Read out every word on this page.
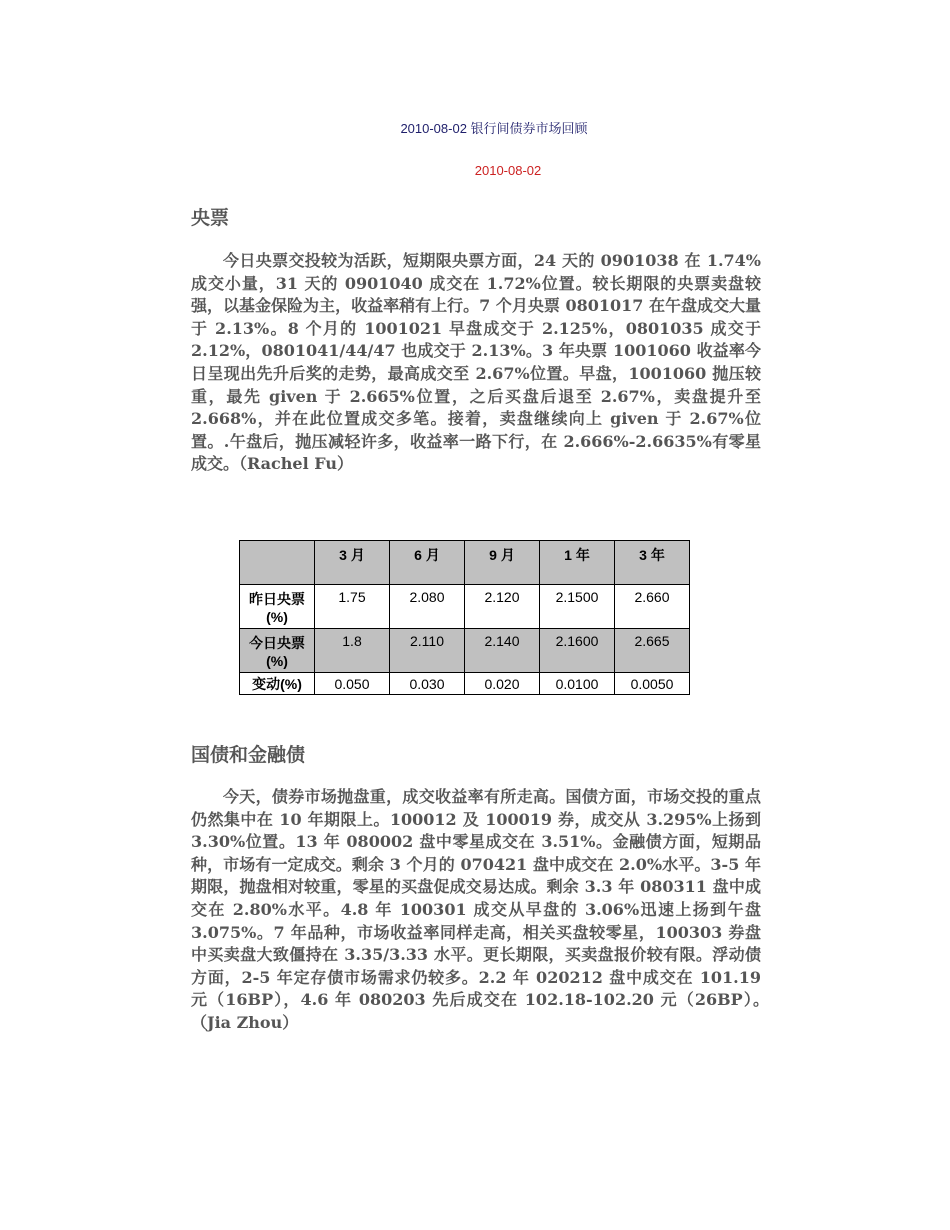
2010-08-02 银行间债券市场回顾
2010-08-02
央票

今日央票交投较为活跃，短期限央票方面，24 天的 0901038 在 1.74%成交小量，31 天的 0901040 成交在 1.72%位置。较长期限的央票卖盘较强，以基金保险为主，收益率稍有上行。7 个月央票 0801017 在午盘成交大量于 2.13%。8 个月的 1001021 早盘成交于 2.125%，0801035 成交于 2.12%，0801041/44/47 也成交于 2.13%。3 年央票 1001060 收益率今日呈现出先升后奖的走势，最高成交至 2.67%位置。早盘，1001060 抛压较重，最先 given 于 2.665%位置，之后买盘后退至 2.67%，卖盘提升至 2.668%，并在此位置成交多笔。接着，卖盘继续向上 given 于 2.67%位置。.午盘后，抛压减轻许多，收益率一路下行，在 2.666%-2.6635%有零星成交。（Rachel Fu）

	3 月	6 月	9 月	1 年	3 年
昨日央票(%)	1.75	2.080	2.120	2.1500	2.660
今日央票(%)	1.8	2.110	2.140	2.1600	2.665
变动(%)	0.050	0.030	0.020	0.0100	0.0050
国债和金融债

今天，债券市场抛盘重，成交收益率有所走高。国债方面，市场交投的重点仍然集中在 10 年期限上。100012 及 100019 券，成交从 3.295%上扬到 3.30%位置。13 年 080002 盘中零星成交在 3.51%。金融债方面，短期品种，市场有一定成交。剩余 3 个月的 070421 盘中成交在 2.0%水平。3-5 年期限，抛盘相对较重，零星的买盘促成交易达成。剩余 3.3 年 080311 盘中成交在 2.80%水平。4.8 年 100301 成交从早盘的 3.06%迅速上扬到午盘 3.075%。7 年品种，市场收益率同样走高，相关买盘较零星，100303 券盘中买卖盘大致僵持在 3.35/3.33 水平。更长期限，买卖盘报价较有限。浮动债方面，2-5 年定存债市场需求仍较多。2.2 年 020212 盘中成交在 101.19 元（16BP），4.6 年 080203 先后成交在 102.18-102.20 元（26BP）。　　（Jia Zhou）
